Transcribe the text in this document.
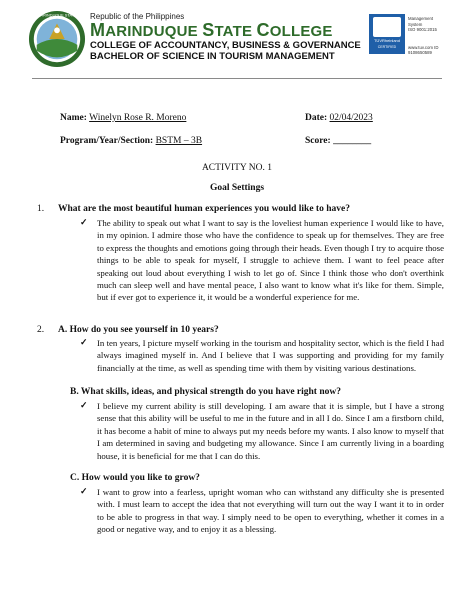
MARINDUQUE STATE Republic of the Philippines
MARINDUQUE STATE COLLEGE
COLLEGE OF ACCOUNTANCY, BUSINESS & GOVERNANCE
BACHELOR OF SCIENCE IN TOURISM MANAGEMENT
TÜVRheinland
CERTIFIED
Management
System
ISO 9001:2015
www.tuv.com ID 9108650589
Name: Winelyn Rose R. Moreno	Date: 02/04/2023
Program/Year/Section: BSTM – 3B	Score: ________
ACTIVITY NO. 1
Goal Settings
1. What are the most beautiful human experiences you would like to have?
✓ The ability to speak out what I want to say is the loveliest human experience I would like to have, in my opinion. I admire those who have the confidence to speak up for themselves. They are free to express the thoughts and emotions going through their heads. Even though I try to acquire those things to be able to speak for myself, I struggle to achieve them. I want to feel peace after speaking out loud about everything I wish to let go of. Since I think those who don't overthink much can sleep well and have mental peace, I also want to know what it's like for them. Simple, but if ever got to experience it, it would be a wonderful experience for me.
2. A. How do you see yourself in 10 years?
✓ In ten years, I picture myself working in the tourism and hospitality sector, which is the field I had always imagined myself in. And I believe that I was supporting and providing for my family financially at the time, as well as spending time with them by visiting various destinations.
B. What skills, ideas, and physical strength do you have right now?
✓ I believe my current ability is still developing. I am aware that it is simple, but I have a strong sense that this ability will be useful to me in the future and in all I do. Since I am a firstborn child, it has become a habit of mine to always put my needs before my wants. I also know to myself that I am determined in saving and budgeting my allowance. Since I am currently living in a boarding house, it is beneficial for me that I can do this.
C. How would you like to grow?
✓ I want to grow into a fearless, upright woman who can withstand any difficulty she is presented with. I must learn to accept the idea that not everything will turn out the way I want it to in order to be able to progress in that way. I simply need to be open to everything, whether it comes in a good or negative way, and to enjoy it as a blessing.
